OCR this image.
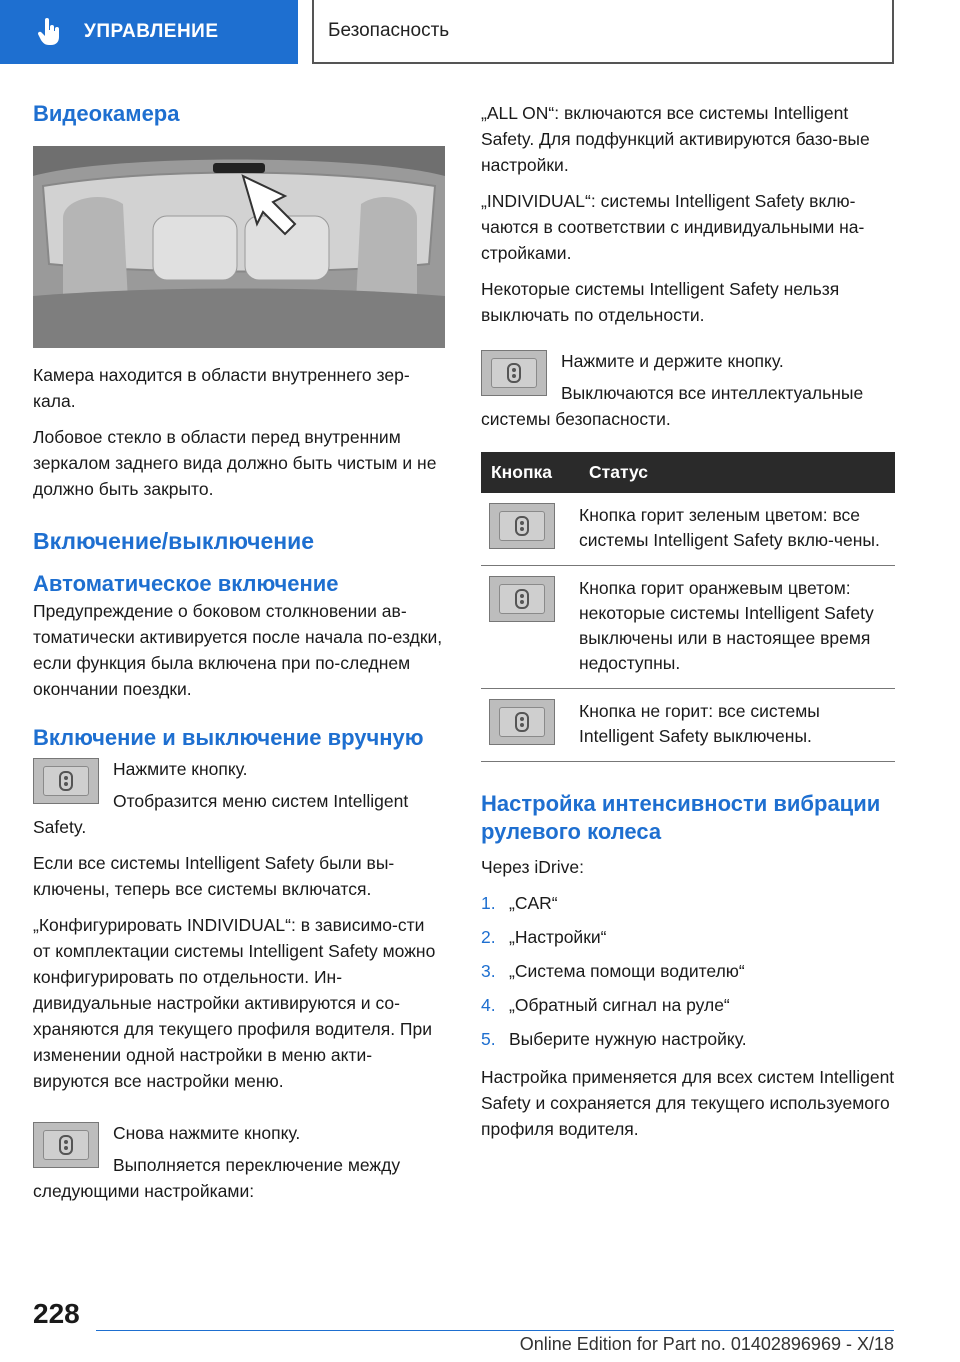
УПРАВЛЕНИЕ	Безопасность
Видеокамера

Камера находится в области внутреннего зер-кала.

Лобовое стекло в области перед внутренним зеркалом заднего вида должно быть чистым и не должно быть закрыто.

Включение/выключение
Автоматическое включение

Предупреждение о боковом столкновении ав-томатически активируется после начала по-ездки, если функция была включена при по-следнем окончании поездки.

Включение и выключение вручную

Нажмите кнопку.

Отобразится меню систем Intelligent Safety.

Если все системы Intelligent Safety были вы-ключены, теперь все системы включатся.

„Конфигурировать INDIVIDUAL“: в зависимо-сти от комплектации системы Intelligent Safety можно конфигурировать по отдельности. Ин-дивидуальные настройки активируются и со-храняются для текущего профиля водителя. При изменении одной настройки в меню акти-вируются все настройки меню.

Снова нажмите кнопку.

Выполняется переключение между следующими настройками:

„ALL ON“: включаются все системы Intelligent Safety. Для подфункций активируются базо-вые настройки.

„INDIVIDUAL“: системы Intelligent Safety вклю-чаются в соответствии с индивидуальными на-стройками.

Некоторые системы Intelligent Safety нельзя выключать по отдельности.

Нажмите и держите кнопку.

Выключаются все интеллектуальные системы безопасности.

Кнопка	Статус

	Кнопка горит зеленым цветом: все системы Intelligent Safety вклю-чены.

	Кнопка горит оранжевым цветом: некоторые системы Intelligent Safety выключены или в настоящее время недоступны.

	Кнопка не горит: все системы Intelligent Safety выключены.
Настройка интенсивности вибрации рулевого колеса

Через iDrive:

1. „CAR“
2. „Настройки“
3. „Система помощи водителю“
4. „Обратный сигнал на руле“
5. Выберите нужную настройку.

Настройка применяется для всех систем Intelligent Safety и сохраняется для текущего используемого профиля водителя.

228
Online Edition for Part no. 01402896969 - X/18
